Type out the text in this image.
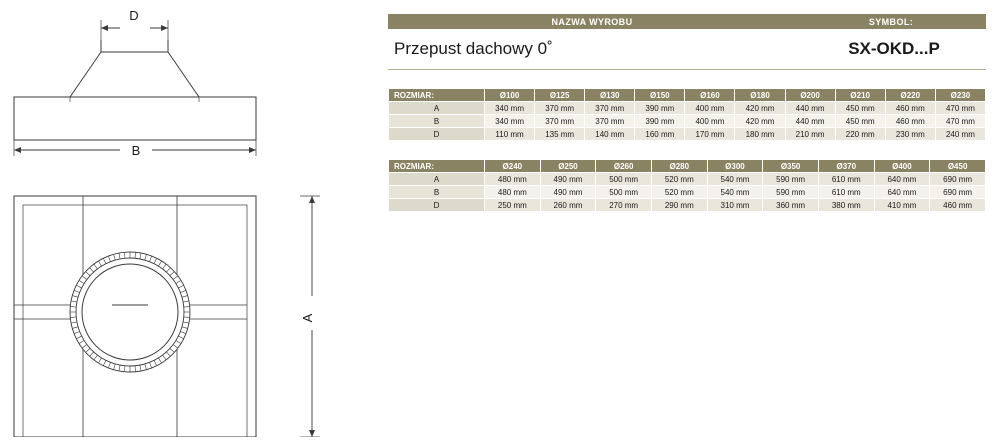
D
B
A
NAZWA WYROBU	SYMBOL:
Przepust dachowy 0˚	SX-OKD...P
ROZMIAR:	Ø100	Ø125	Ø130	Ø150	Ø160	Ø180	Ø200	Ø210	Ø220	Ø230
A	340 mm	370 mm	370 mm	390 mm	400 mm	420 mm	440 mm	450 mm	460 mm	470 mm
B	340 mm	370 mm	370 mm	390 mm	400 mm	420 mm	440 mm	450 mm	460 mm	470 mm
D	110 mm	135 mm	140 mm	160 mm	170 mm	180 mm	210 mm	220 mm	230 mm	240 mm
ROZMIAR:	Ø240	Ø250	Ø260	Ø280	Ø300	Ø350	Ø370	Ø400	Ø450
A	480 mm	490 mm	500 mm	520 mm	540 mm	590 mm	610 mm	640 mm	690 mm
B	480 mm	490 mm	500 mm	520 mm	540 mm	590 mm	610 mm	640 mm	690 mm
D	250 mm	260 mm	270 mm	290 mm	310 mm	360 mm	380 mm	410 mm	460 mm
